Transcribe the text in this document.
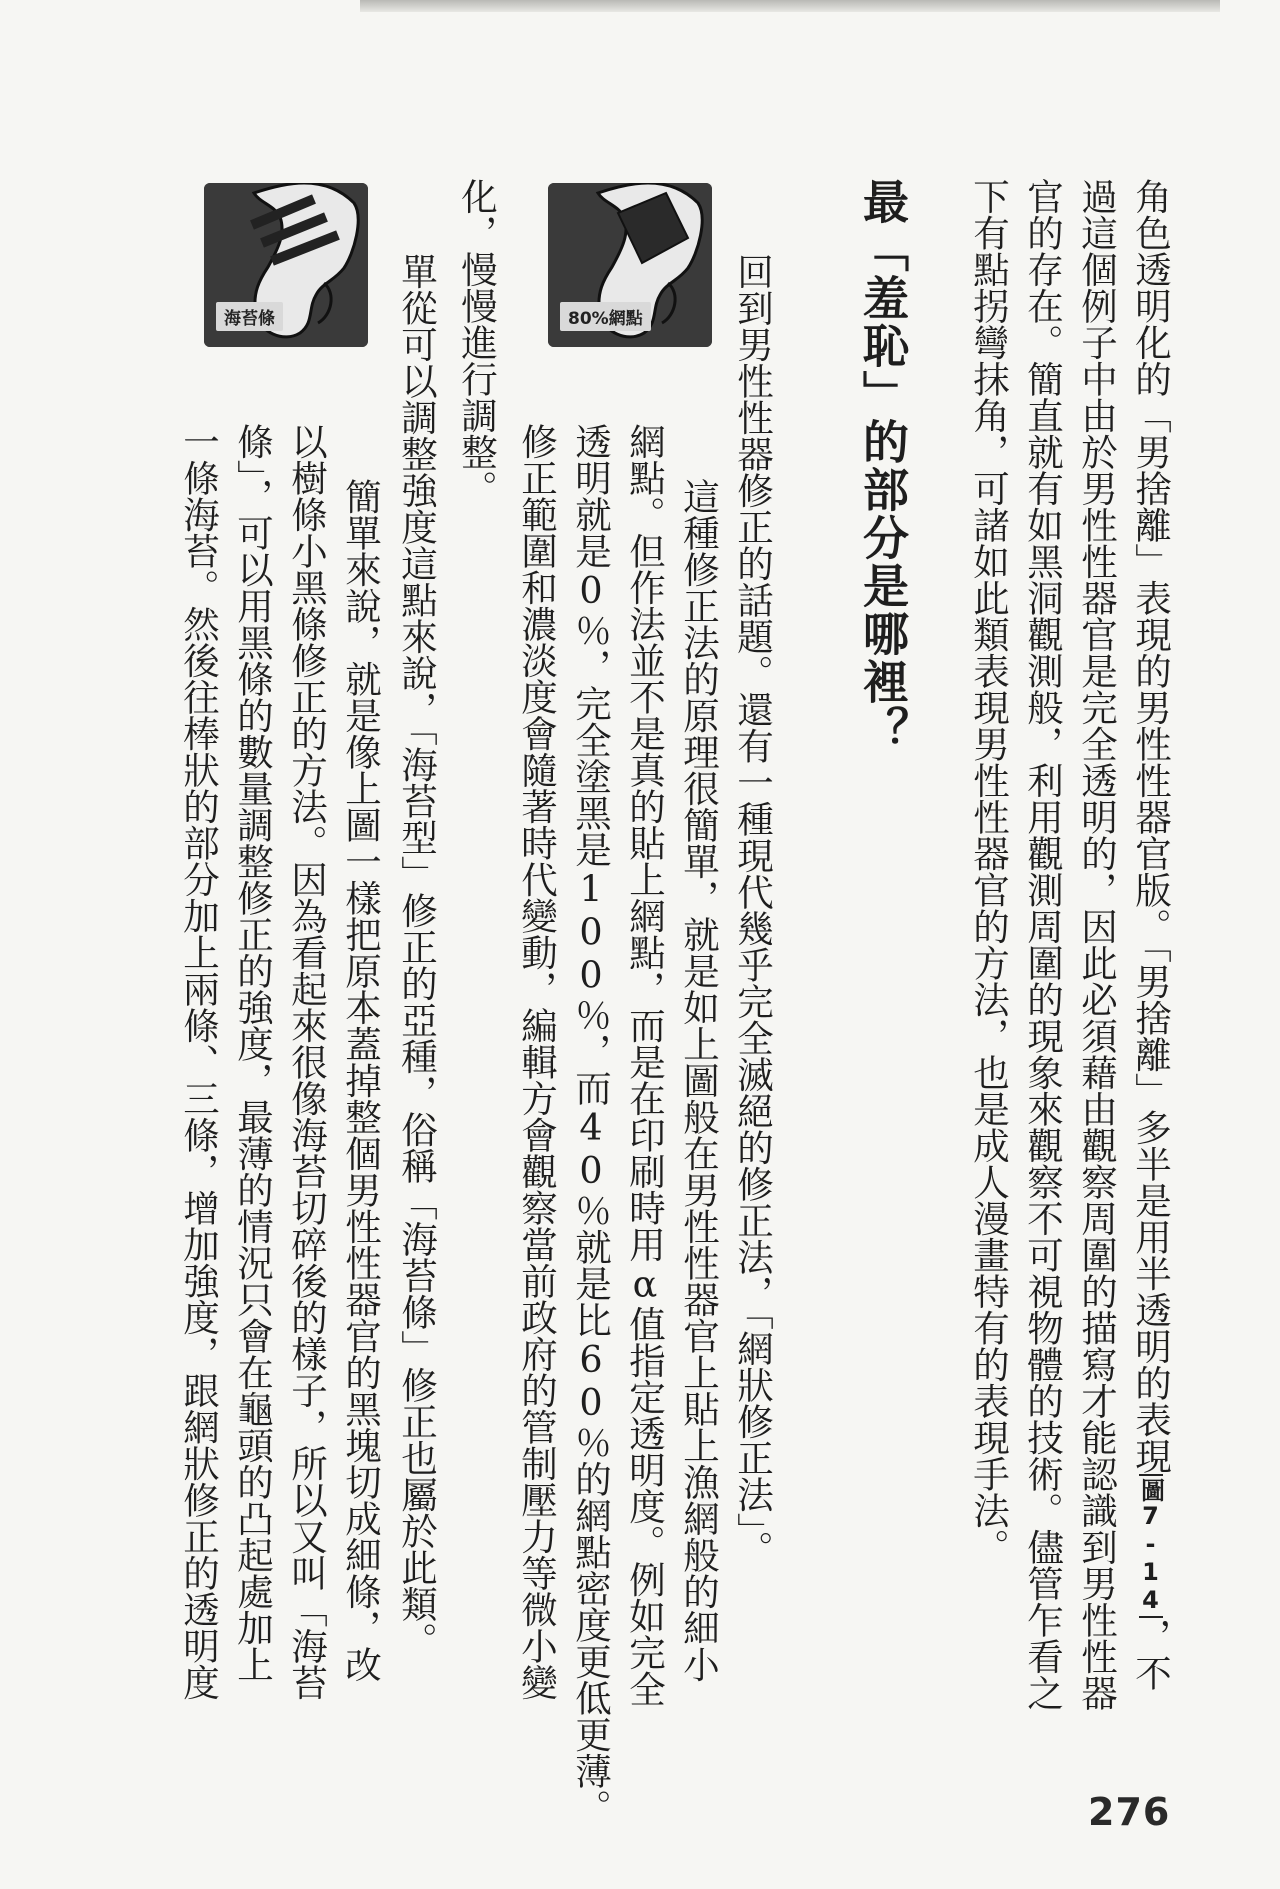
角色透明化的「男捨離」表現的男性性器官版。「男捨離」多半是用半透明的表現圖7-14，不
過這個例子中由於男性性器官是完全透明的，因此必須藉由觀察周圍的描寫才能認識到男性性器
官的存在。簡直就有如黑洞觀測般，利用觀測周圍的現象來觀察不可視物體的技術。儘管乍看之
下有點拐彎抹角，可諸如此類表現男性性器官的方法，也是成人漫畫特有的表現手法。
最「羞恥」的部分是哪裡？
80%網點
海苔條	回到男性性器修正的話題。還有一種現代幾乎完全滅絕的修正法，「網狀修正法」。
這種修正法的原理很簡單，就是如上圖般在男性性器官上貼上漁網般的細小
網點。但作法並不是真的貼上網點，而是在印刷時用α值指定透明度。例如完全
透明就是0％，完全塗黑是100％，而40％就是比60％的網點密度更低更薄。
修正範圍和濃淡度會隨著時代變動，編輯方會觀察當前政府的管制壓力等微小變
化，慢慢進行調整。
單從可以調整強度這點來說，「海苔型」修正的亞種，俗稱「海苔條」修正也屬於此類。
簡單來說，就是像上圖一樣把原本蓋掉整個男性性器官的黑塊切成細條，改
以樹條小黑條修正的方法。因為看起來很像海苔切碎後的樣子，所以又叫「海苔
條」，可以用黑條的數量調整修正的強度，最薄的情況只會在龜頭的凸起處加上
一條海苔。然後往棒狀的部分加上兩條、三條，增加強度，跟網狀修正的透明度
276
